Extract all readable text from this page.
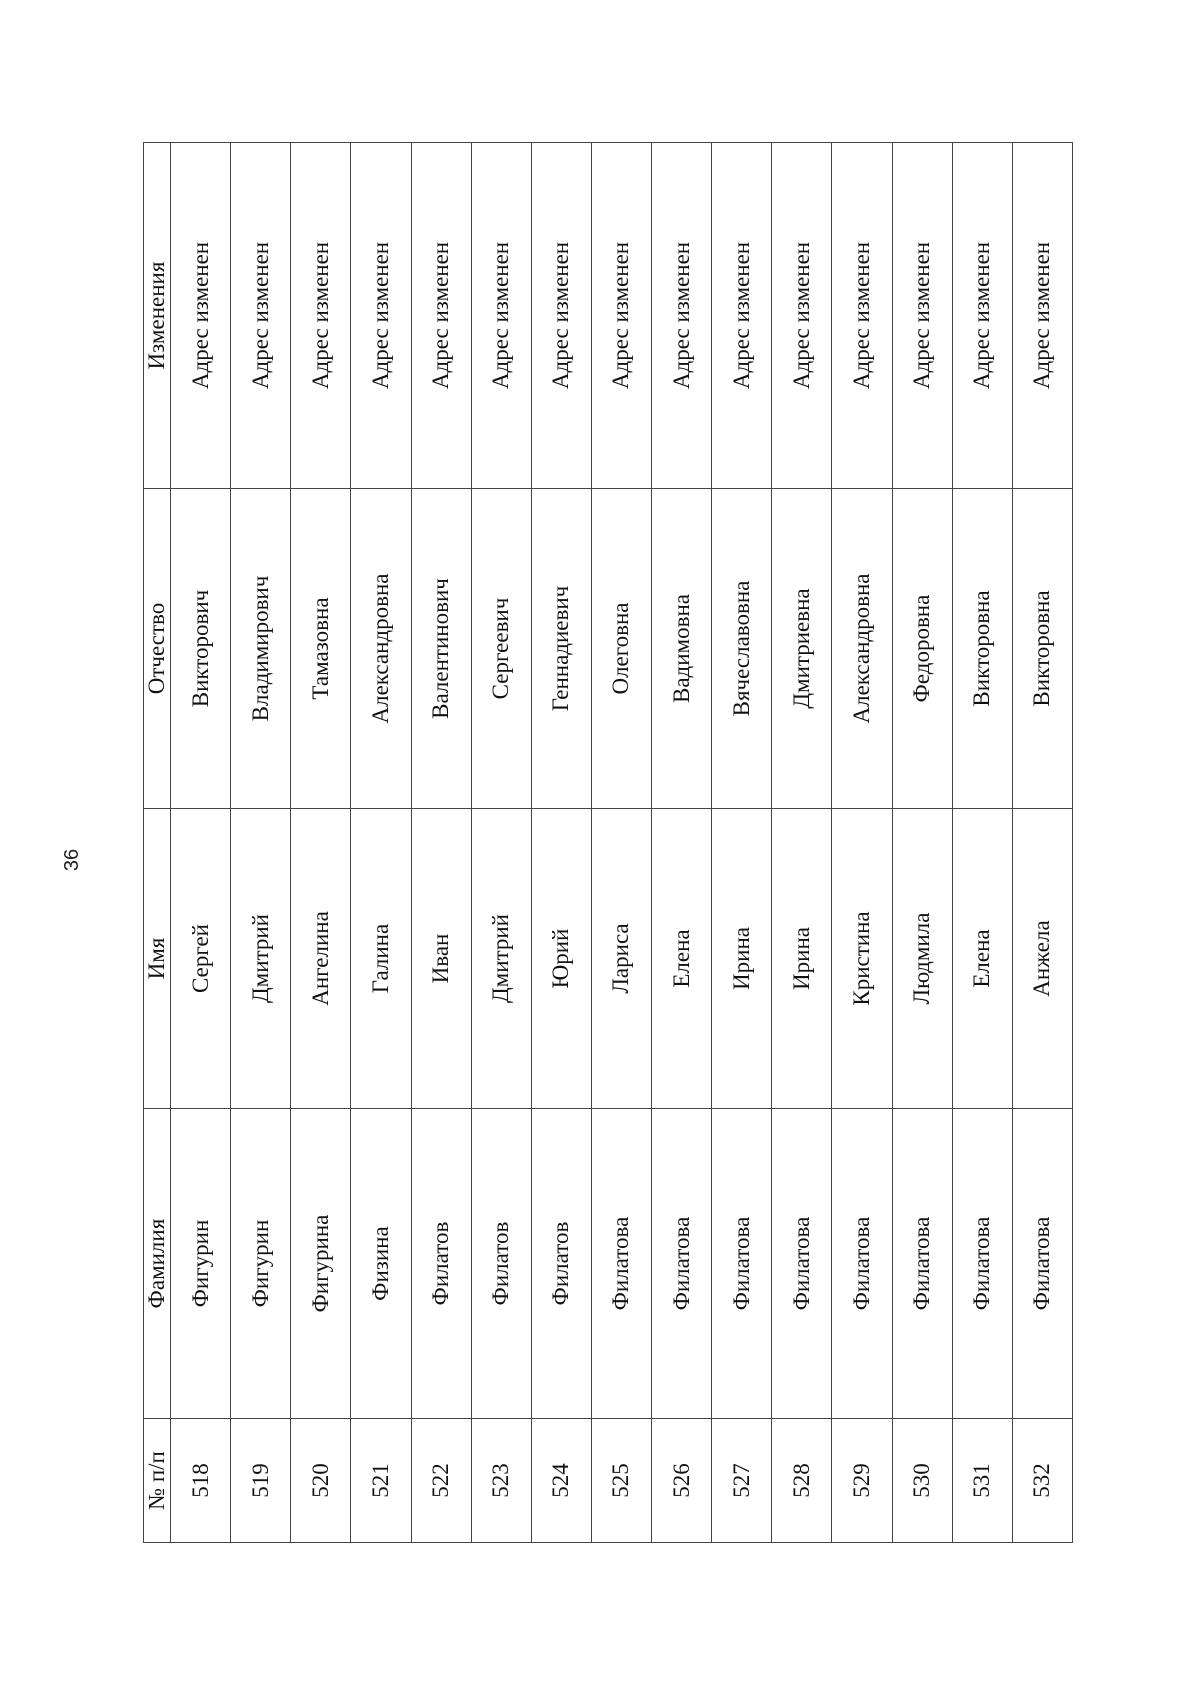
36
№ п/п	Фамилия	Имя	Отчество	Изменения
518	Фигурин	Сергей	Викторович	Адрес изменен
519	Фигурин	Дмитрий	Владимирович	Адрес изменен
520	Фигурина	Ангелина	Тамазовна	Адрес изменен
521	Физина	Галина	Александровна	Адрес изменен
522	Филатов	Иван	Валентинович	Адрес изменен
523	Филатов	Дмитрий	Сергеевич	Адрес изменен
524	Филатов	Юрий	Геннадиевич	Адрес изменен
525	Филатова	Лариса	Олеговна	Адрес изменен
526	Филатова	Елена	Вадимовна	Адрес изменен
527	Филатова	Ирина	Вячеславовна	Адрес изменен
528	Филатова	Ирина	Дмитриевна	Адрес изменен
529	Филатова	Кристина	Александровна	Адрес изменен
530	Филатова	Людмила	Федоровна	Адрес изменен
531	Филатова	Елена	Викторовна	Адрес изменен
532	Филатова	Анжела	Викторовна	Адрес изменен
